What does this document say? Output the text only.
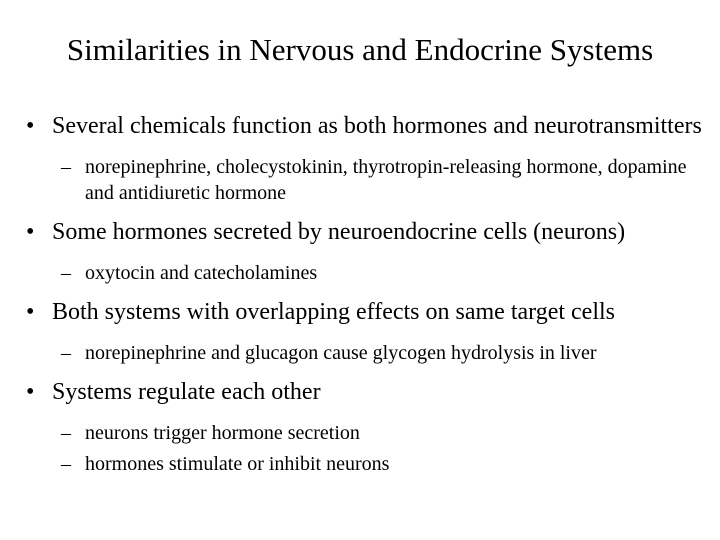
Similarities in Nervous and Endocrine Systems
• Several chemicals function as both hormones and neurotransmitters
– norepinephrine, cholecystokinin, thyrotropin-releasing hormone, dopamine and antidiuretic hormone
• Some hormones secreted by neuroendocrine cells (neurons)
– oxytocin and catecholamines
• Both systems with overlapping effects on same target cells
– norepinephrine and glucagon cause glycogen hydrolysis in liver
• Systems regulate each other
– neurons trigger hormone secretion
– hormones stimulate or inhibit neurons
